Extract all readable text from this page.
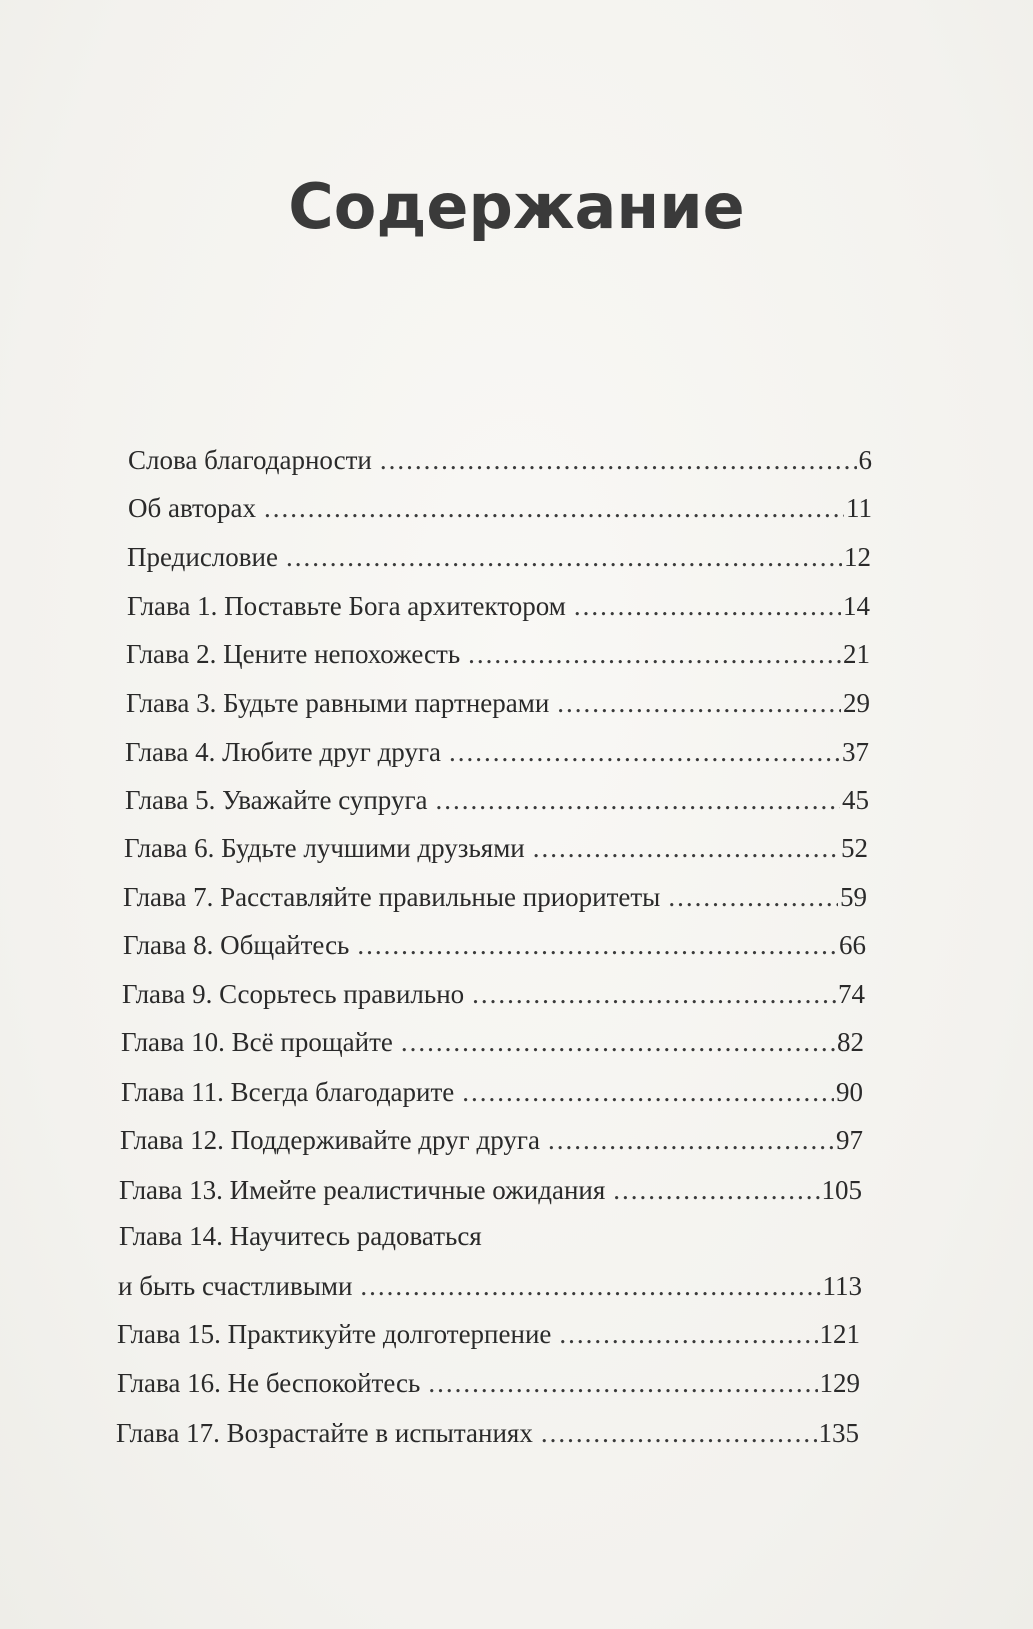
Содержание
Слова благодарности .....	6
Об авторах .....	11
Предисловие .....	12
Глава 1. Поставьте Бога архитектором .....	14
Глава 2. Цените непохожесть .....	21
Глава 3. Будьте равными партнерами .....	29
Глава 4. Любите друг друга .....	37
Глава 5. Уважайте супруга .....	45
Глава 6. Будьте лучшими друзьями .....	52
Глава 7. Расставляйте правильные приоритеты .....	59
Глава 8. Общайтесь .....	66
Глава 9. Ссорьтесь правильно .....	74
Глава 10. Всё прощайте .....	82
Глава 11. Всегда благодарите .....	90
Глава 12. Поддерживайте друг друга .....	97
Глава 13. Имейте реалистичные ожидания .....	105
Глава 14. Научитесь радоваться
и быть счастливыми .....	113
Глава 15. Практикуйте долготерпение .....	121
Глава 16. Не беспокойтесь .....	129
Глава 17. Возрастайте в испытаниях .....	135
